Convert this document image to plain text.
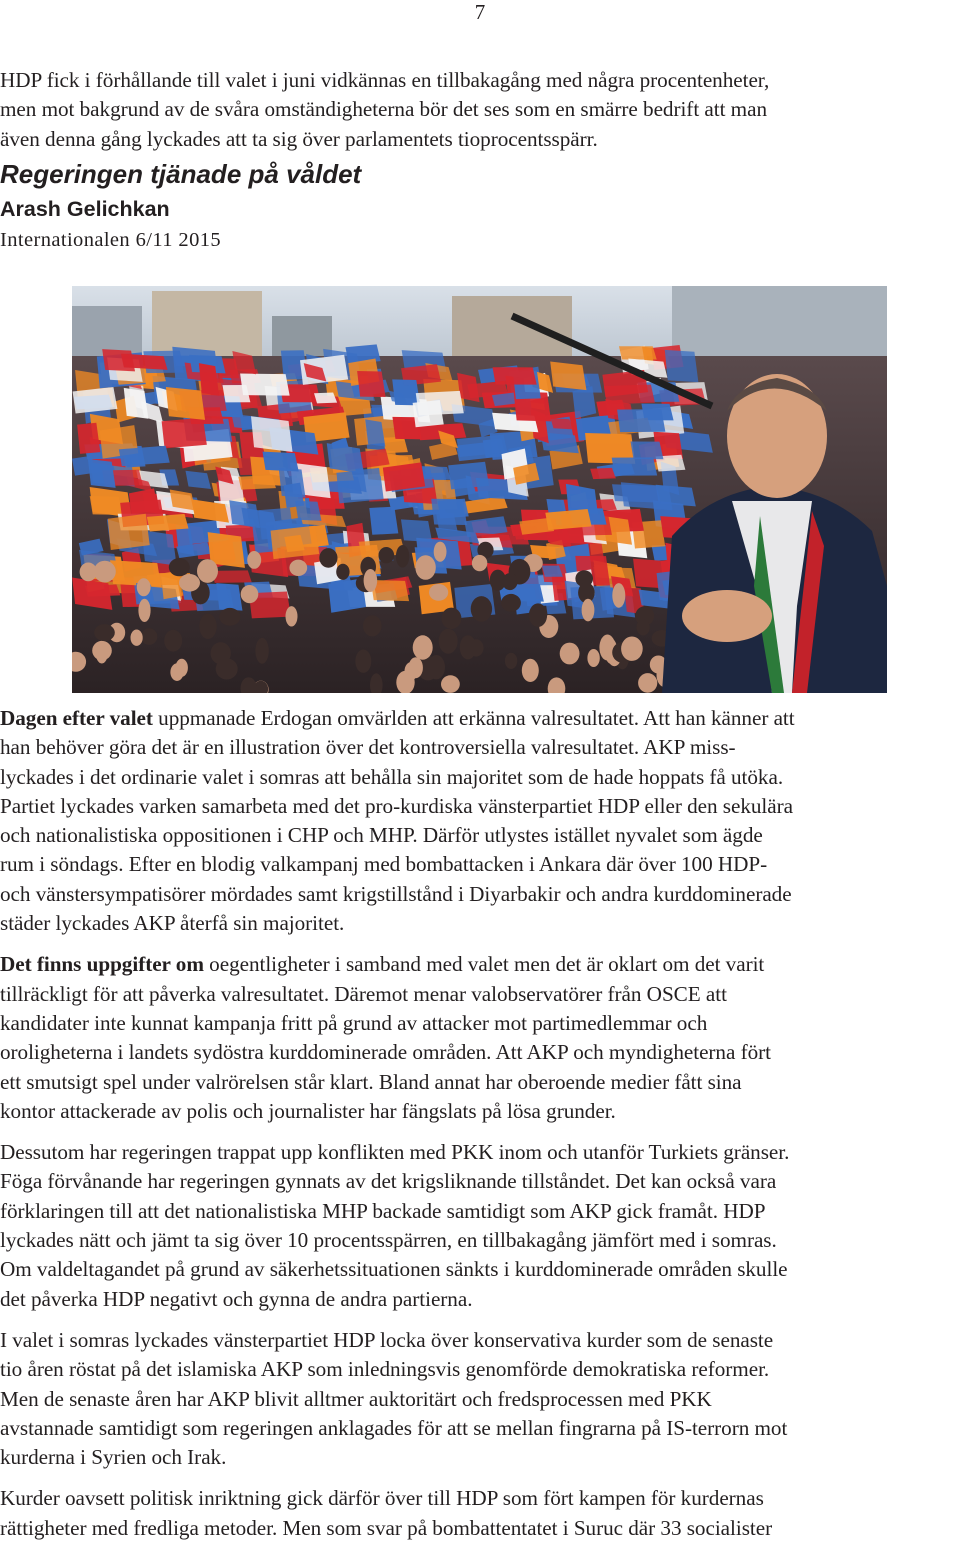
7

HDP fick i förhållande till valet i juni vidkännas en tillbakagång med några procentenheter,
men mot bakgrund av de svåra omständigheterna bör det ses som en smärre bedrift att man
även denna gång lyckades att ta sig över parlamentets tioprocentsspärr.

Regeringen tjänade på våldet
Arash Gelichkan
Internationalen 6/11 2015

Dagen efter valet uppmanade Erdogan omvärlden att erkänna valresultatet. Att han känner att
han behöver göra det är en illustration över det kontroversiella valresultatet. AKP miss-
lyckades i det ordinarie valet i somras att behålla sin majoritet som de hade hoppats få utöka.
Partiet lyckades varken samarbeta med det pro-kurdiska vänsterpartiet HDP eller den sekulära
och nationalistiska oppositionen i CHP och MHP. Därför utlystes istället nyvalet som ägde
rum i söndags. Efter en blodig valkampanj med bombattacken i Ankara där över 100 HDP-
och vänstersympatisörer mördades samt krigstillstånd i Diyarbakir och andra kurddominerade
städer lyckades AKP återfå sin majoritet.

Det finns uppgifter om oegentligheter i samband med valet men det är oklart om det varit
tillräckligt för att påverka valresultatet. Däremot menar valobservatörer från OSCE att
kandidater inte kunnat kampanja fritt på grund av attacker mot partimedlemmar och
oroligheterna i landets sydöstra kurddominerade områden. Att AKP och myndigheterna fört
ett smutsigt spel under valrörelsen står klart. Bland annat har oberoende medier fått sina
kontor attackerade av polis och journalister har fängslats på lösa grunder.

Dessutom har regeringen trappat upp konflikten med PKK inom och utanför Turkiets gränser.
Föga förvånande har regeringen gynnats av det krigsliknande tillståndet. Det kan också vara
förklaringen till att det nationalistiska MHP backade samtidigt som AKP gick framåt. HDP
lyckades nätt och jämt ta sig över 10 procentsspärren, en tillbakagång jämfört med i somras.
Om valdeltagandet på grund av säkerhetssituationen sänkts i kurddominerade områden skulle
det påverka HDP negativt och gynna de andra partierna.

I valet i somras lyckades vänsterpartiet HDP locka över konservativa kurder som de senaste
tio åren röstat på det islamiska AKP som inledningsvis genomförde demokratiska reformer.
Men de senaste åren har AKP blivit alltmer auktoritärt och fredsprocessen med PKK
avstannade samtidigt som regeringen anklagades för att se mellan fingrarna på IS-terrorn mot
kurderna i Syrien och Irak.

Kurder oavsett politisk inriktning gick därför över till HDP som fört kampen för kurdernas
rättigheter med fredliga metoder. Men som svar på bombattentatet i Suruc där 33 socialister
